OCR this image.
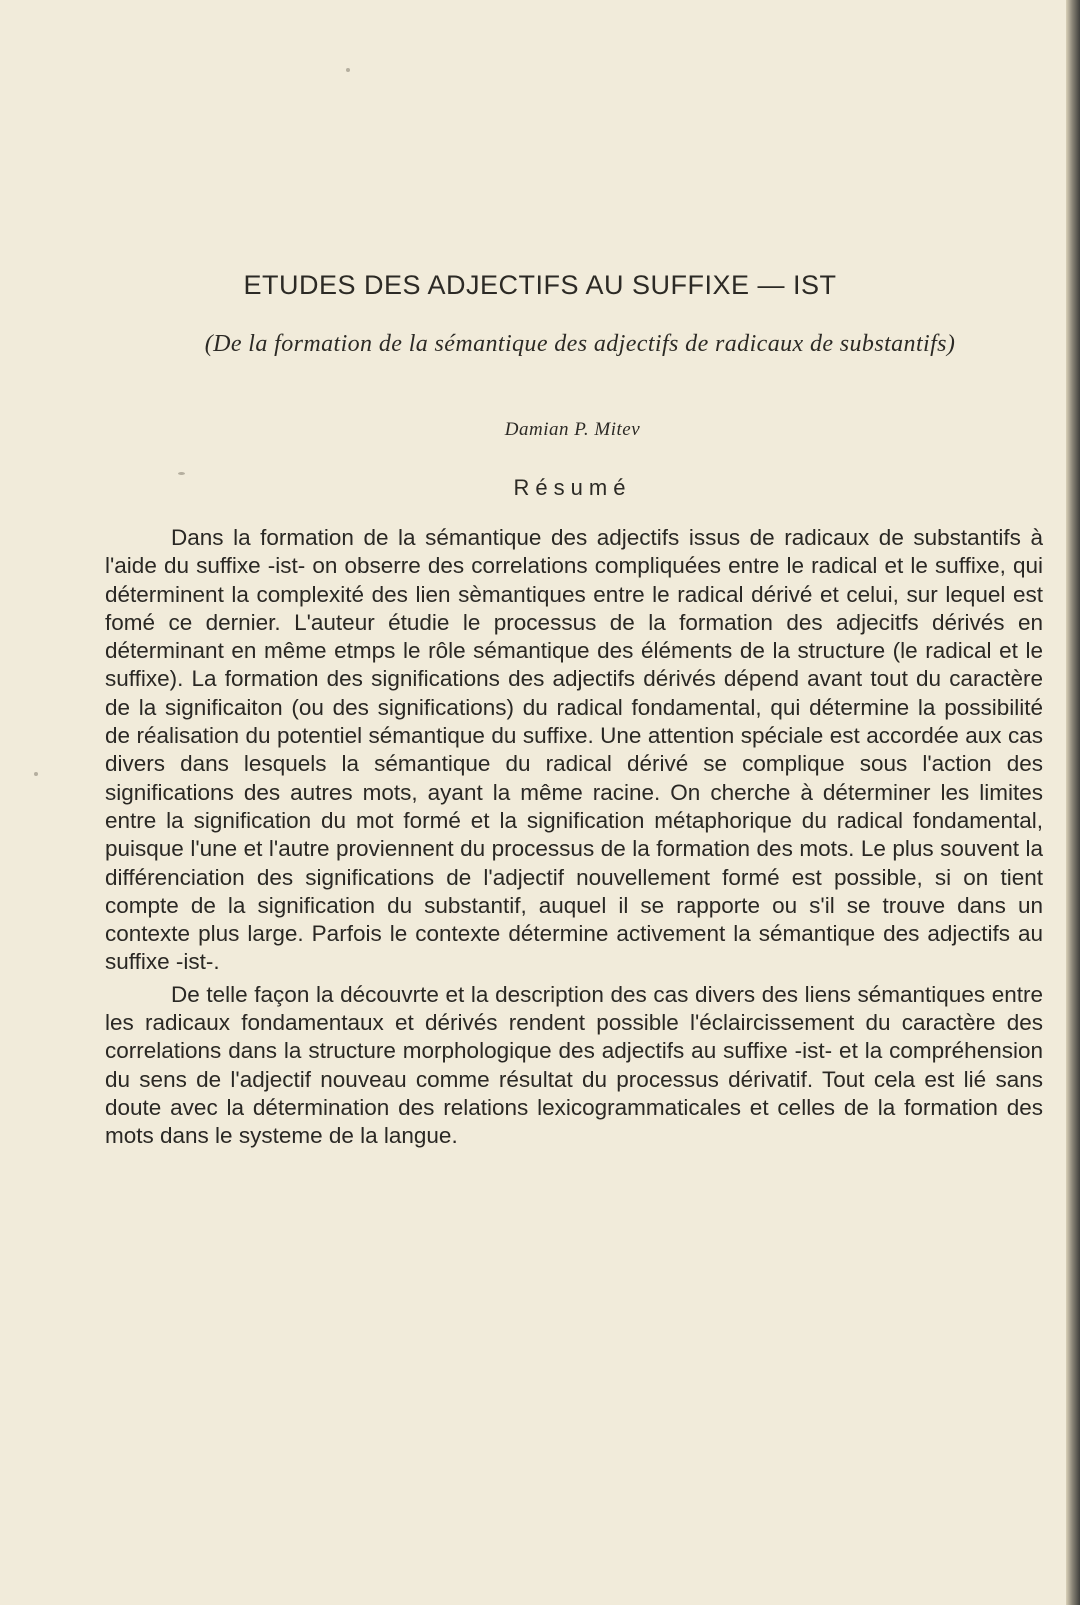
ETUDES DES ADJECTIFS AU SUFFIXE — IST

(De la formation de la sémantique des adjectifs de radicaux de substantifs)

Damian P. Mitev
Résumé

Dans la formation de la sémantique des adjectifs issus de radicaux de substantifs à l'aide du suffixe -ist- on obserre des correlations compliquées entre le radical et le suffixe, qui déterminent la complexité des lien sèmantiques entre le radical dérivé et celui, sur lequel est fomé ce dernier. L'auteur étudie le processus de la formation des adjecitfs dérivés en déterminant en même etmps le rôle sémantique des éléments de la structure (le radical et le suffixe). La formation des significations des adjectifs dérivés dépend avant tout du caractère de la significaiton (ou des significations) du radical fondamental, qui détermine la possibilité de réalisation du potentiel sémantique du suffixe. Une attention spéciale est accordée aux cas divers dans lesquels la sémantique du radical dérivé se complique sous l'action des significations des autres mots, ayant la même racine. On cherche à déterminer les limites entre la signification du mot formé et la signification métaphorique du radical fondamental, puisque l'une et l'autre proviennent du processus de la formation des mots. Le plus souvent la différenciation des significations de l'adjectif nouvellement formé est possible, si on tient compte de la signification du substantif, auquel il se rapporte ou s'il se trouve dans un contexte plus large. Parfois le contexte détermine activement la sémantique des adjectifs au suffixe -ist-.

De telle façon la découvrte et la description des cas divers des liens sémantiques entre les radicaux fondamentaux et dérivés rendent possible l'éclaircissement du caractère des correlations dans la structure morphologique des adjectifs au suffixe -ist- et la compréhension du sens de l'adjectif nouveau comme résultat du processus dérivatif. Tout cela est lié sans doute avec la détermination des relations lexicogrammaticales et celles de la formation des mots dans le systeme de la langue.
